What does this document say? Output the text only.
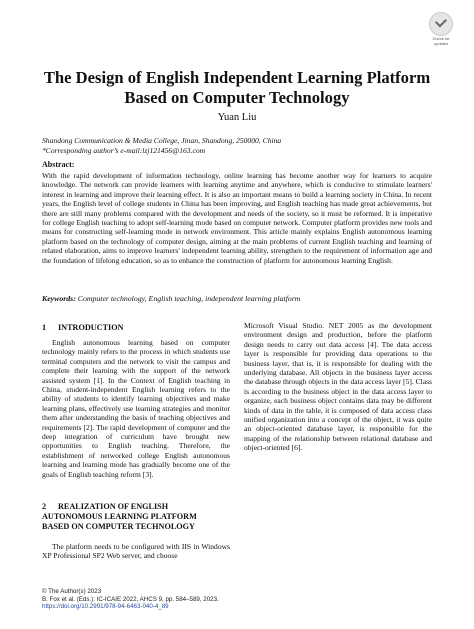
Check for
updates
The Design of English Independent Learning Platform
Based on Computer Technology
Yuan Liu
Shandong Communication & Media College, Jinan, Shandong, 250000, China
*Corresponding author’s e-mail:lzj121456@163.com
Abstract:
With the rapid development of information technology, online learning has become another way for learners to acquire knowledge. The network can provide learners with learning anytime and anywhere, which is conducive to stimulate learners' interest in learning and improve their learning effect. It is also an important means to build a learning society in China. In recent years, the English level of college students in China has been improving, and English teaching has made great achievements, but there are still many problems compared with the development and needs of the society, so it must be reformed. It is imperative for college English teaching to adopt self-learning mode based on computer network. Computer platform provides new tools and means for constructing self-learning mode in network environment. This article mainly explains English autonomous learning platform based on the technology of computer design, aiming at the main problems of current English teaching and learning of related elaboration, aims to improve learners' independent learning ability, strengthen to the requirement of information age and the foundation of lifelong education, so as to enhance the construction of platform for autonomous learning English.
Keywords: Computer technology, English teaching, independent learning platform
1 INTRODUCTION

English autonomous learning based on computer technology mainly refers to the process in which students use terminal computers and the network to visit the campus and complete their learning with the support of the network assisted system [1]. In the Context of English teaching in China, student-independent English learning refers to the ability of students to identify learning objectives and make learning plans, effectively use learning strategies and monitor them after understanding the basis of teaching objectives and requirements [2]. The rapid development of computer and the deep integration of curriculum have brought new opportunities to English teaching. Therefore, the establishment of networked college English autonomous learning and learning mode has gradually become one of the goals of English teaching reform [3].

2 REALIZATION OF ENGLISH
AUTONOMOUS LEARNING PLATFORM
BASED ON COMPUTER TECHNOLOGY

The platform needs to be configured with IIS in Windows XP Professional SP2 Web server, and choose

Microsoft Visual Studio. NET 2005 as the development environment design and production, before the platform design needs to carry out data access [4]. The data access layer is responsible for providing data operations to the business layer, that is, it is responsible for dealing with the underlying database. All objects in the business layer access the database through objects in the data access layer [5]. Class is according to the business object in the data access layer to organize, each business object contains data may be different kinds of data in the table, it is composed of data access class unified organization into a concept of the object, it was quite an object-oriented database layer, is responsible for the mapping of the relationship between relational database and object-oriented [6].

© The Author(s) 2023
B. Fox et al. (Eds.): IC-ICAIE 2022, AHCS 9, pp. 584–589, 2023.
https://doi.org/10.2991/978-94-6463-040-4_89
